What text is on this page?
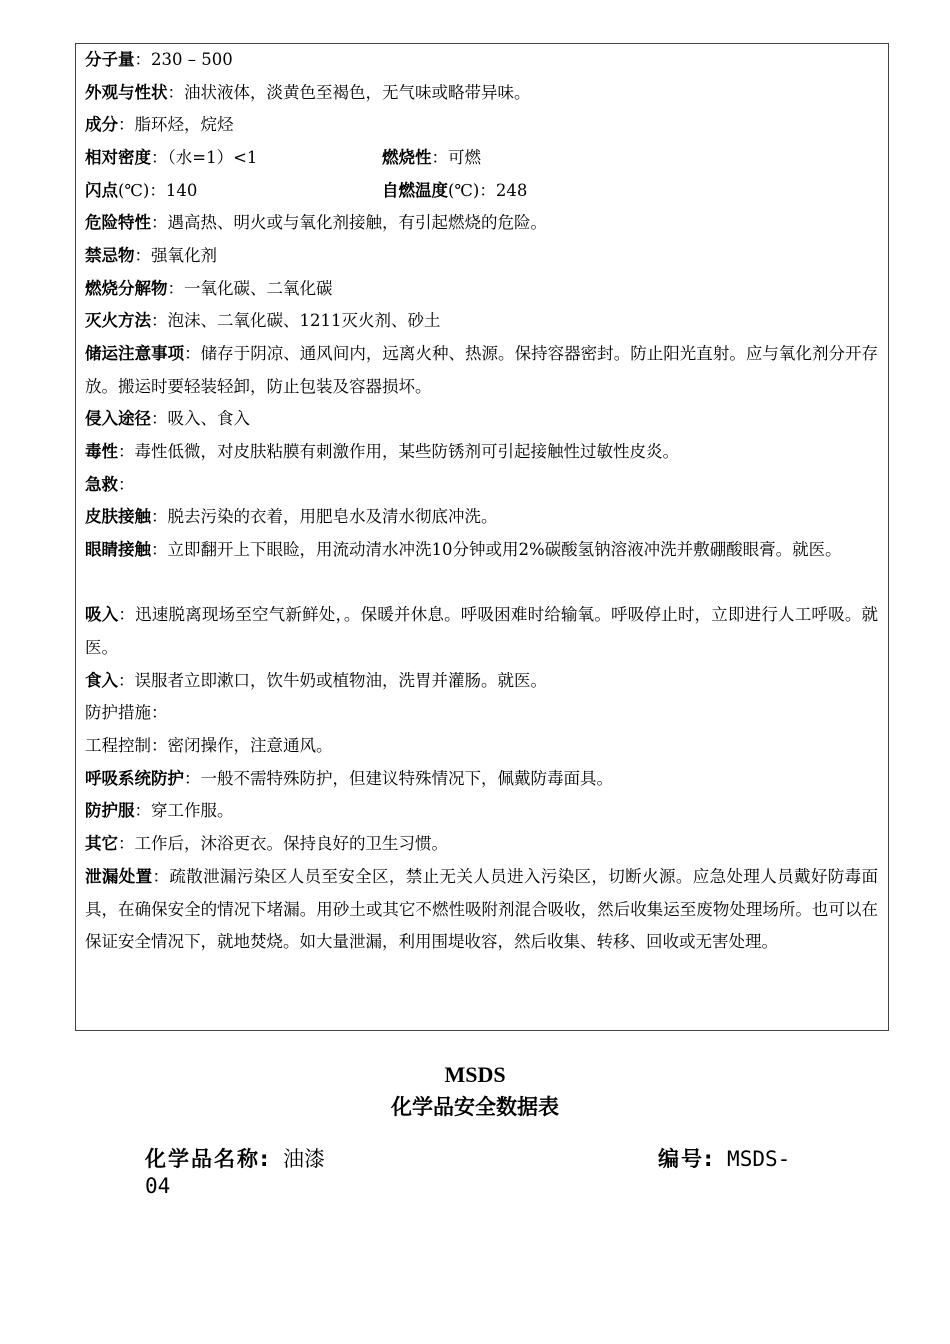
分子量：230 – 500
外观与性状：油状液体，淡黄色至褐色，无气味或略带异味。
成分：脂环烃，烷烃
相对密度：（水=1）<1	燃烧性：可燃
闪点(℃)：140	自燃温度(℃)：248
危险特性：遇高热、明火或与氧化剂接触，有引起燃烧的危险。
禁忌物：强氧化剂
燃烧分解物：一氧化碳、二氧化碳
灭火方法：泡沫、二氧化碳、1211灭火剂、砂土
储运注意事项：储存于阴凉、通风间内，远离火种、热源。保持容器密封。防止阳光直射。应与氧化剂分开存放。搬运时要轻装轻卸，防止包装及容器损坏。
侵入途径：吸入、食入
毒性：毒性低微，对皮肤粘膜有刺激作用，某些防锈剂可引起接触性过敏性皮炎。
急救：
皮肤接触：脱去污染的衣着，用肥皂水及清水彻底冲洗。
眼睛接触：立即翻开上下眼睑，用流动清水冲洗10分钟或用2%碳酸氢钠溶液冲洗并敷硼酸眼膏。就医。
吸入：迅速脱离现场至空气新鲜处，。保暖并休息。呼吸困难时给输氧。呼吸停止时，立即进行人工呼吸。就医。
食入：误服者立即漱口，饮牛奶或植物油，洗胃并灌肠。就医。
防护措施：
工程控制：密闭操作，注意通风。
呼吸系统防护：一般不需特殊防护，但建议特殊情况下，佩戴防毒面具。
防护服：穿工作服。
其它：工作后，沐浴更衣。保持良好的卫生习惯。
泄漏处置：疏散泄漏污染区人员至安全区，禁止无关人员进入污染区，切断火源。应急处理人员戴好防毒面具，在确保安全的情况下堵漏。用砂土或其它不燃性吸附剂混合吸收，然后收集运至废物处理场所。也可以在保证安全情况下，就地焚烧。如大量泄漏，利用围堤收容，然后收集、转移、回收或无害处理。
MSDS
化学品安全数据表
化学品名称: 油漆	编号: MSDS-
04
